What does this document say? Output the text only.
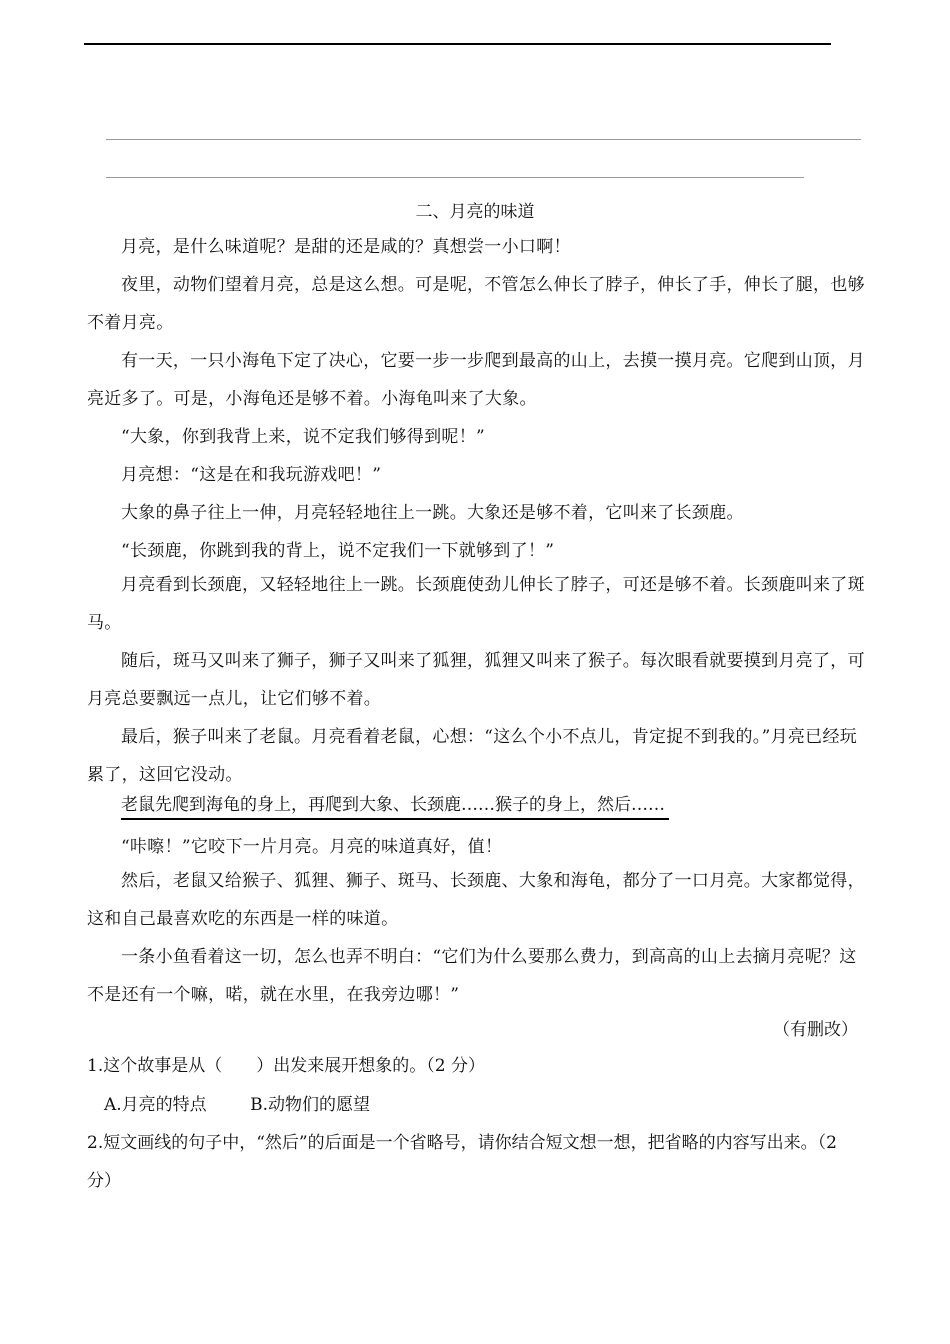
二、月亮的味道

月亮，是什么味道呢？是甜的还是咸的？真想尝一小口啊！

夜里，动物们望着月亮，总是这么想。可是呢，不管怎么伸长了脖子，伸长了手，伸长了腿，也够不着月亮。

有一天，一只小海龟下定了决心，它要一步一步爬到最高的山上，去摸一摸月亮。它爬到山顶，月亮近多了。可是，小海龟还是够不着。小海龟叫来了大象。

“大象，你到我背上来，说不定我们够得到呢！”

月亮想：“这是在和我玩游戏吧！”

大象的鼻子往上一伸，月亮轻轻地往上一跳。大象还是够不着，它叫来了长颈鹿。

“长颈鹿，你跳到我的背上，说不定我们一下就够到了！”

月亮看到长颈鹿，又轻轻地往上一跳。长颈鹿使劲儿伸长了脖子，可还是够不着。长颈鹿叫来了斑马。

随后，斑马又叫来了狮子，狮子又叫来了狐狸，狐狸又叫来了猴子。每次眼看就要摸到月亮了，可月亮总要飘远一点儿，让它们够不着。

最后，猴子叫来了老鼠。月亮看着老鼠，心想：“这么个小不点儿，肯定捉不到我的。”月亮已经玩累了，这回它没动。

老鼠先爬到海龟的身上，再爬到大象、长颈鹿……猴子的身上，然后……

“咔嚓！”它咬下一片月亮。月亮的味道真好，值！

然后，老鼠又给猴子、狐狸、狮子、斑马、长颈鹿、大象和海龟，都分了一口月亮。大家都觉得，这和自己最喜欢吃的东西是一样的味道。

一条小鱼看着这一切，怎么也弄不明白：“它们为什么要那么费力，到高高的山上去摘月亮呢？这不是还有一个嘛，喏，就在水里，在我旁边哪！”

（有删改）

1.这个故事是从（　　）出发来展开想象的。（2 分）

A.月亮的特点	B.动物们的愿望

2.短文画线的句子中，“然后”的后面是一个省略号，请你结合短文想一想，把省略的内容写出来。（2 分）
